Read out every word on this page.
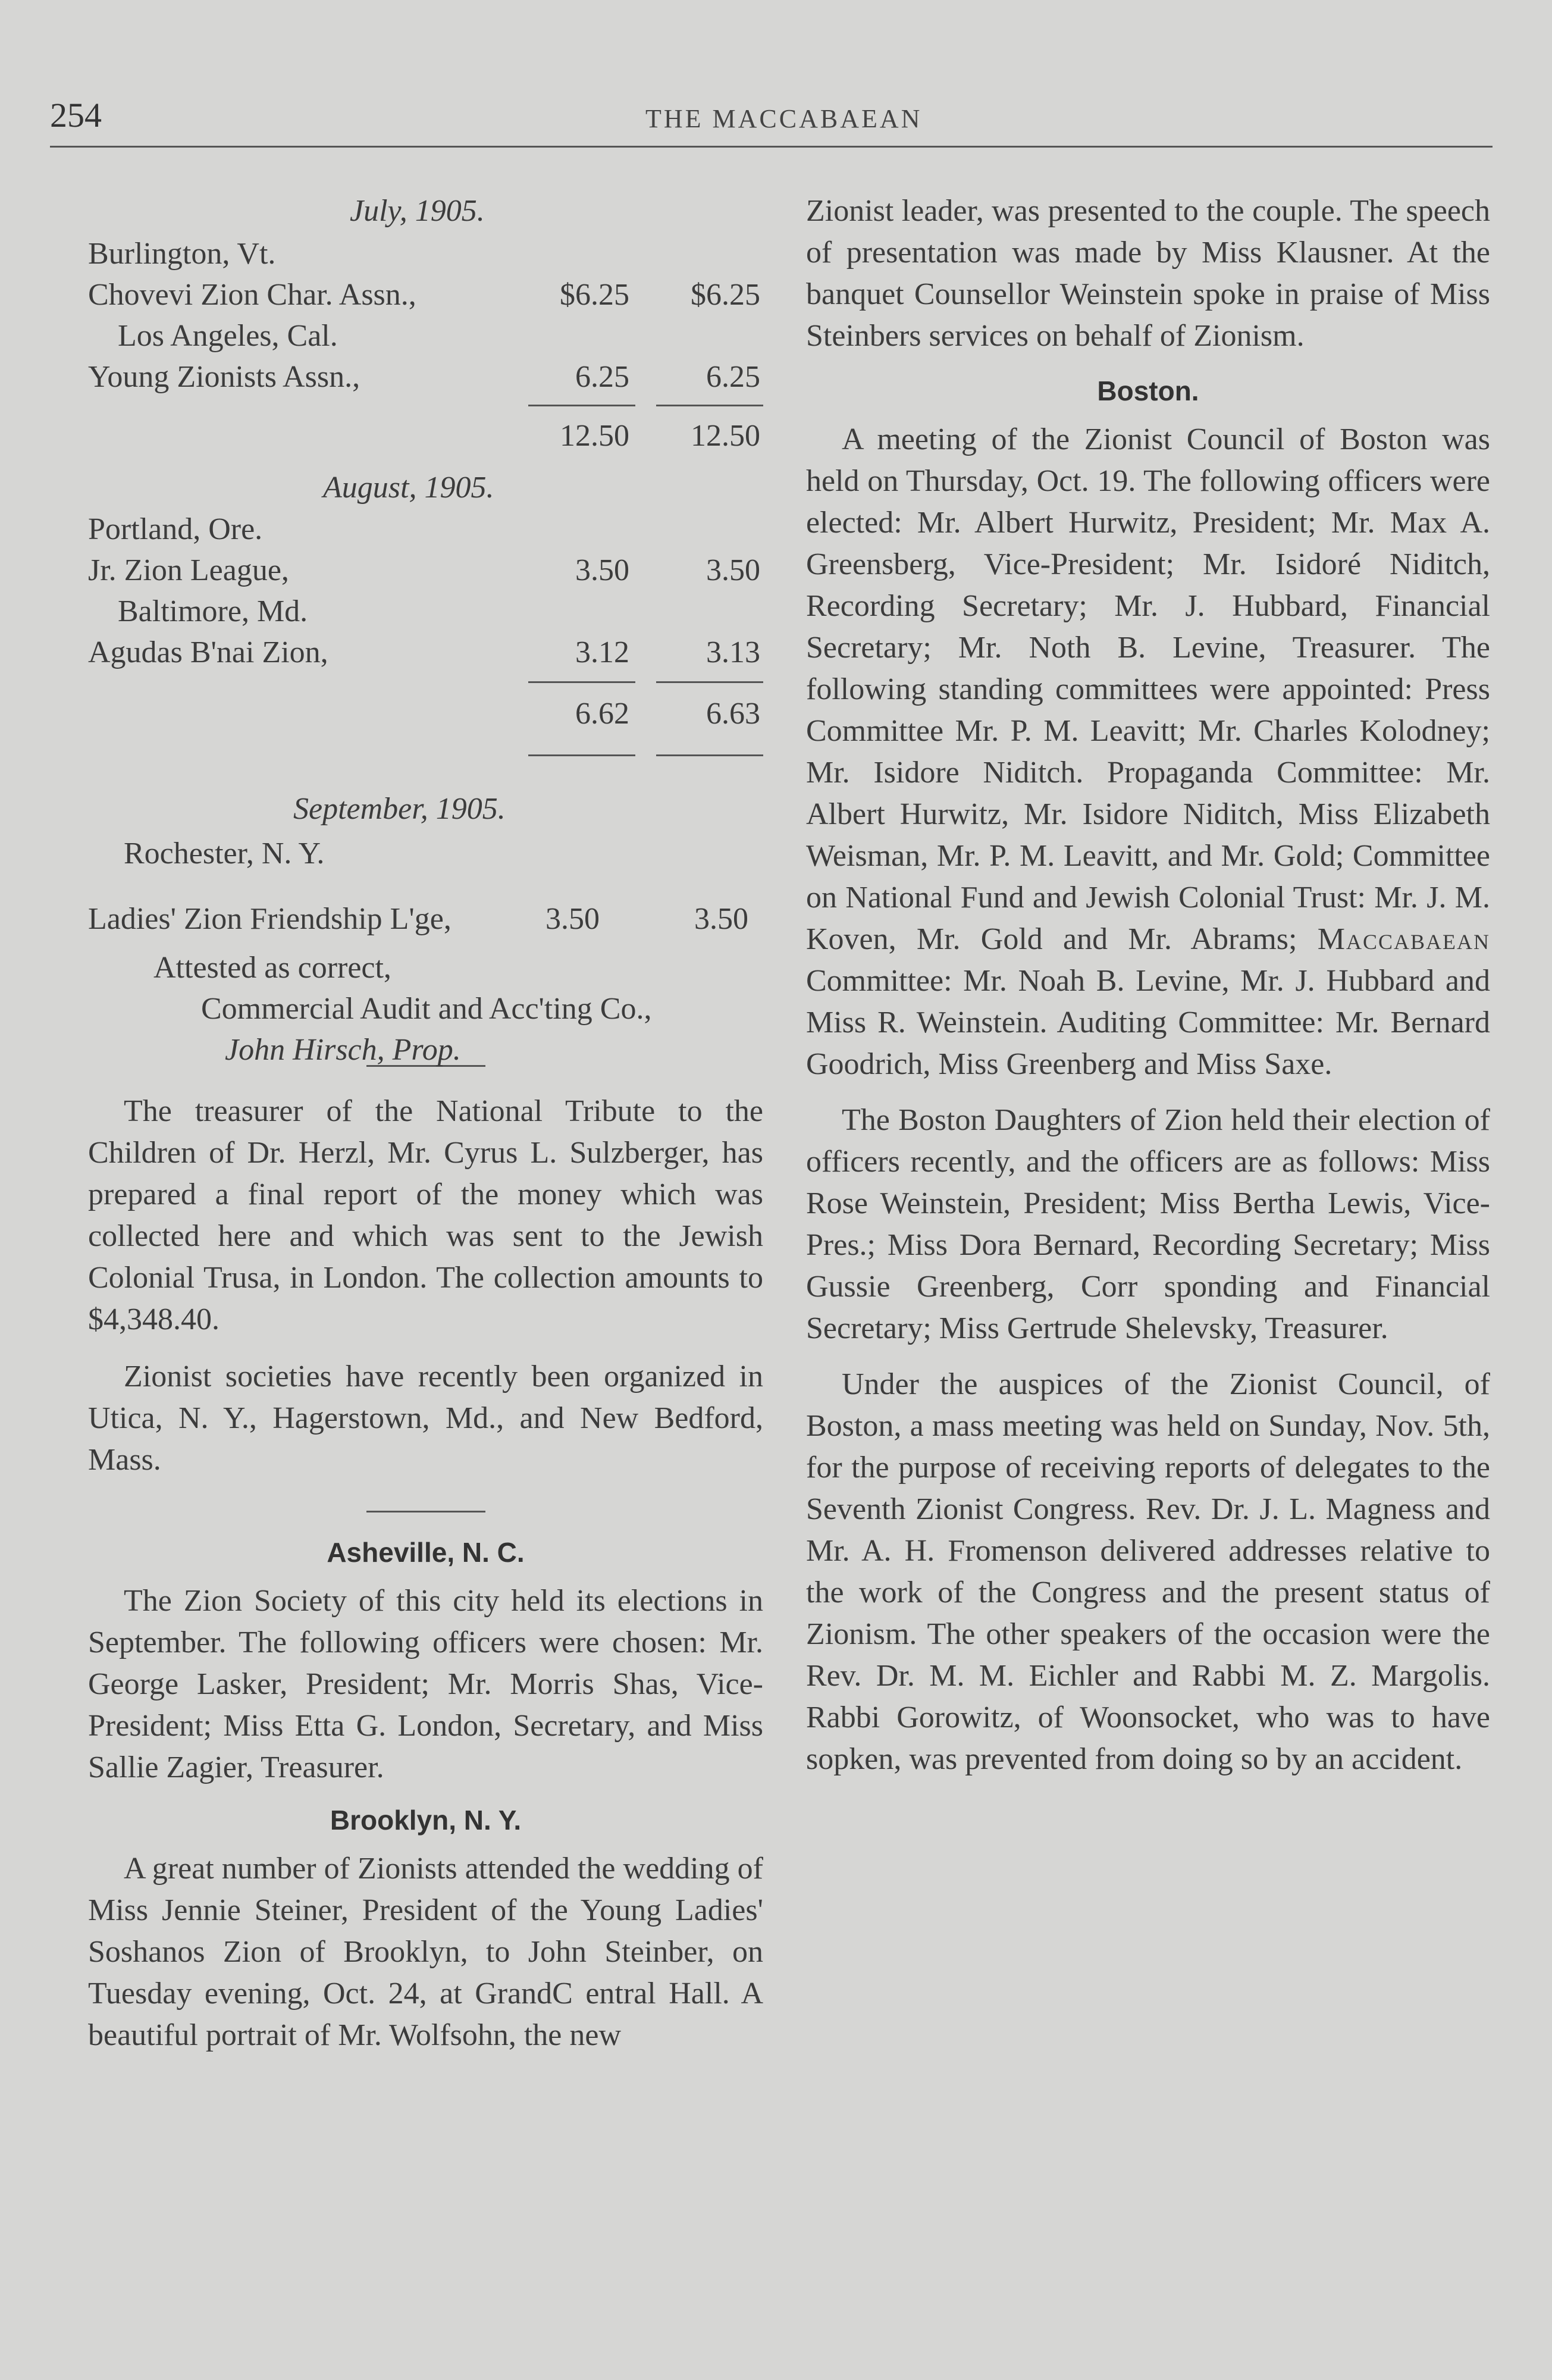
254	THE MACCABAEAN
July, 1905.
Burlington, Vt.
Chovevi Zion Char. Assn.,	$6.25	$6.25
Los Angeles, Cal.
Young Zionists Assn.,	6.25	6.25
12.50	12.50
August, 1905.
Portland, Ore.
Jr. Zion League,	3.50	3.50
Baltimore, Md.
Agudas B'nai Zion,	3.12	3.13
6.62	6.63
September, 1905.
Rochester, N. Y.
Ladies' Zion Friendship L'ge,	3.50	3.50
Attested as correct,
Commercial Audit and Acc'ting Co.,
John Hirsch, Prop.

The treasurer of the National Tribute to the Children of Dr. Herzl, Mr. Cyrus L. Sulzberger, has prepared a final report of the money which was collected here and which was sent to the Jewish Colonial Trusa, in London. The collection amounts to $4,348.40.

Zionist societies have recently been organized in Utica, N. Y., Hagerstown, Md., and New Bedford, Mass.

Asheville, N. C.

The Zion Society of this city held its elections in September. The following officers were chosen: Mr. George Lasker, President; Mr. Morris Shas, Vice-President; Miss Etta G. London, Secretary, and Miss Sallie Zagier, Treasurer.

Brooklyn, N. Y.

A great number of Zionists attended the wedding of Miss Jennie Steiner, President of the Young Ladies' Soshanos Zion of Brooklyn, to John Steinber, on Tuesday evening, Oct. 24, at GrandC entral Hall. A beautiful portrait of Mr. Wolfsohn, the new

Zionist leader, was presented to the couple. The speech of presentation was made by Miss Klausner. At the banquet Counsellor Weinstein spoke in praise of Miss Steinbers services on behalf of Zionism.

Boston.

A meeting of the Zionist Council of Boston was held on Thursday, Oct. 19. The following officers were elected: Mr. Albert Hurwitz, President; Mr. Max A. Greensberg, Vice-President; Mr. Isidoré Niditch, Recording Secretary; Mr. J. Hubbard, Financial Secretary; Mr. Noth B. Levine, Treasurer. The following standing committees were appointed: Press Committee Mr. P. M. Leavitt; Mr. Charles Kolodney; Mr. Isidore Niditch. Propaganda Committee: Mr. Albert Hurwitz, Mr. Isidore Niditch, Miss Elizabeth Weisman, Mr. P. M. Leavitt, and Mr. Gold; Committee on National Fund and Jewish Colonial Trust: Mr. J. M. Koven, Mr. Gold and Mr. Abrams; Maccabaean Committee: Mr. Noah B. Levine, Mr. J. Hubbard and Miss R. Weinstein. Auditing Committee: Mr. Bernard Goodrich, Miss Greenberg and Miss Saxe.

The Boston Daughters of Zion held their election of officers recently, and the officers are as follows: Miss Rose Weinstein, President; Miss Bertha Lewis, Vice-Pres.; Miss Dora Bernard, Recording Secretary; Miss Gussie Greenberg, Corr sponding and Financial Secretary; Miss Gertrude Shelevsky, Treasurer.

Under the auspices of the Zionist Council, of Boston, a mass meeting was held on Sunday, Nov. 5th, for the purpose of receiving reports of delegates to the Seventh Zionist Congress. Rev. Dr. J. L. Magness and Mr. A. H. Fromenson delivered addresses relative to the work of the Congress and the present status of Zionism. The other speakers of the occasion were the Rev. Dr. M. M. Eichler and Rabbi M. Z. Margolis. Rabbi Gorowitz, of Woonsocket, who was to have sopken, was prevented from doing so by an accident.
